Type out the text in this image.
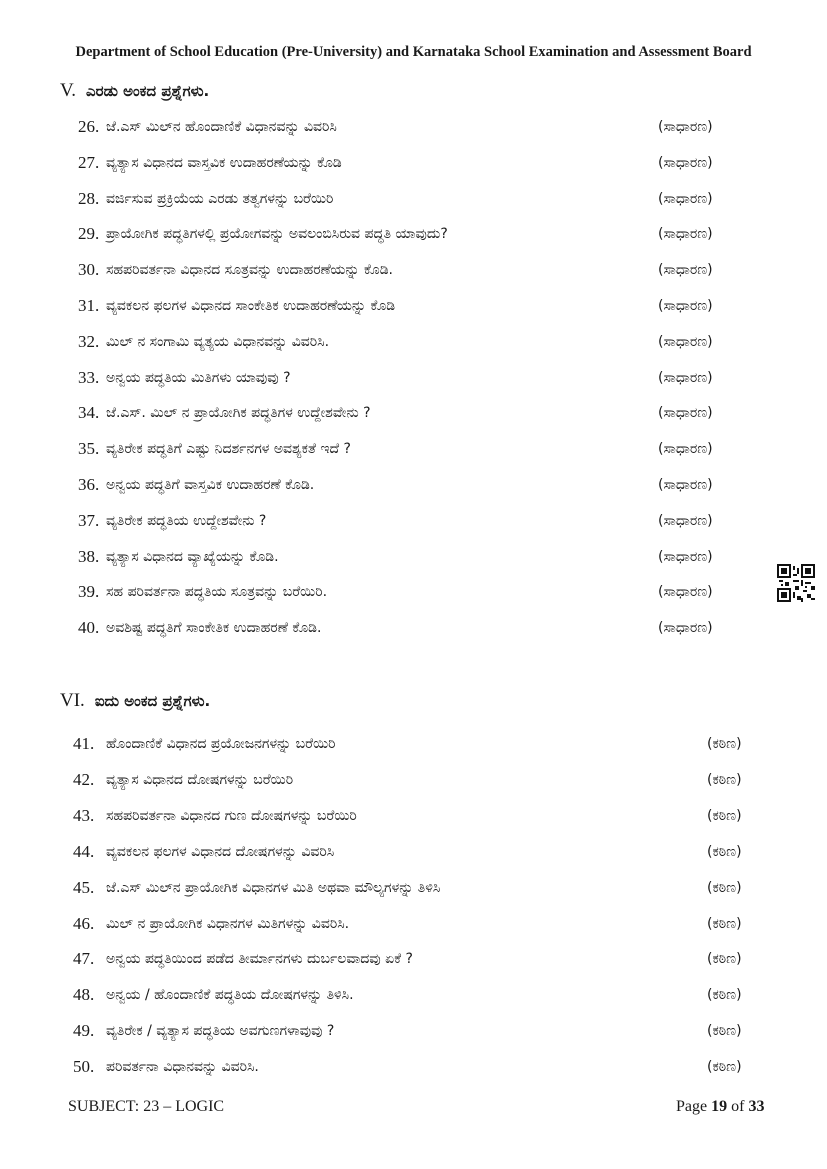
Department of School Education (Pre-University) and Karnataka School Examination and Assessment Board
V. ಎರಡು ಅಂಕದ ಪ್ರಶ್ನೆಗಳು.
26. ಜೆ.ಎಸ್ ಮಿಲ್‌ನ ಹೊಂದಾಣಿಕೆ ವಿಧಾನವನ್ನು ವಿವರಿಸಿ	(ಸಾಧಾರಣ)
27. ವ್ಯತ್ಯಾಸ ವಿಧಾನದ ವಾಸ್ತವಿಕ ಉದಾಹರಣೆಯನ್ನು ಕೊಡಿ	(ಸಾಧಾರಣ)
28. ವರ್ಜಿಸುವ ಪ್ರಕ್ರಿಯೆಯ ಎರಡು ತತ್ವಗಳನ್ನು ಬರೆಯಿರಿ	(ಸಾಧಾರಣ)
29. ಪ್ರಾಯೋಗಿಕ ಪದ್ಧತಿಗಳಲ್ಲಿ ಪ್ರಯೋಗವನ್ನು ಅವಲಂಬಿಸಿರುವ ಪದ್ಧತಿ ಯಾವುದು?	(ಸಾಧಾರಣ)
30. ಸಹಪರಿವರ್ತನಾ ವಿಧಾನದ ಸೂತ್ರವನ್ನು ಉದಾಹರಣೆಯನ್ನು ಕೊಡಿ.	(ಸಾಧಾರಣ)
31. ವ್ಯವಕಲನ ಫಲಗಳ ವಿಧಾನದ ಸಾಂಕೇತಿಕ ಉದಾಹರಣೆಯನ್ನು ಕೊಡಿ	(ಸಾಧಾರಣ)
32. ಮಿಲ್ ನ ಸಂಗಾಮಿ ವ್ಯತ್ಯಯ ವಿಧಾನವನ್ನು ವಿವರಿಸಿ.	(ಸಾಧಾರಣ)
33. ಅನ್ವಯ ಪದ್ಧತಿಯ ಮಿತಿಗಳು ಯಾವುವು ?	(ಸಾಧಾರಣ)
34. ಜೆ.ಎಸ್. ಮಿಲ್ ನ ಪ್ರಾಯೋಗಿಕ ಪದ್ಧತಿಗಳ ಉದ್ದೇಶವೇನು ?	(ಸಾಧಾರಣ)
35. ವ್ಯತಿರೇಕ ಪದ್ಧತಿಗೆ ಎಷ್ಟು ನಿದರ್ಶನಗಳ ಅವಶ್ಯಕತೆ ಇದೆ ?	(ಸಾಧಾರಣ)
36. ಅನ್ವಯ ಪದ್ಧತಿಗೆ ವಾಸ್ತವಿಕ ಉದಾಹರಣೆ ಕೊಡಿ.	(ಸಾಧಾರಣ)
37. ವ್ಯತಿರೇಕ ಪದ್ಧತಿಯ ಉದ್ದೇಶವೇನು ?	(ಸಾಧಾರಣ)
38. ವ್ಯತ್ಯಾಸ ವಿಧಾನದ ವ್ಯಾಖ್ಯೆಯನ್ನು ಕೊಡಿ.	(ಸಾಧಾರಣ)
39. ಸಹ ಪರಿವರ್ತನಾ ಪದ್ಧತಿಯ ಸೂತ್ರವನ್ನು ಬರೆಯಿರಿ.	(ಸಾಧಾರಣ)
40. ಅವಶಿಷ್ಟ ಪದ್ಧತಿಗೆ ಸಾಂಕೇತಿಕ ಉದಾಹರಣೆ ಕೊಡಿ.	(ಸಾಧಾರಣ)
VI. ಐದು ಅಂಕದ ಪ್ರಶ್ನೆಗಳು.
41. ಹೊಂದಾಣಿಕೆ ವಿಧಾನದ ಪ್ರಯೋಜನಗಳನ್ನು ಬರೆಯಿರಿ	(ಕಠಿಣ)
42. ವ್ಯತ್ಯಾಸ ವಿಧಾನದ ದೋಷಗಳನ್ನು ಬರೆಯಿರಿ	(ಕಠಿಣ)
43. ಸಹಪರಿವರ್ತನಾ ವಿಧಾನದ ಗುಣ ದೋಷಗಳನ್ನು ಬರೆಯಿರಿ	(ಕಠಿಣ)
44. ವ್ಯವಕಲನ ಫಲಗಳ ವಿಧಾನದ ದೋಷಗಳನ್ನು ವಿವರಿಸಿ	(ಕಠಿಣ)
45. ಜೆ.ಎಸ್ ಮಿಲ್‌ನ ಪ್ರಾಯೋಗಿಕ ವಿಧಾನಗಳ ಮಿತಿ ಅಥವಾ ಮೌಲ್ಯಗಳನ್ನು ತಿಳಿಸಿ	(ಕಠಿಣ)
46. ಮಿಲ್ ನ ಪ್ರಾಯೋಗಿಕ ವಿಧಾನಗಳ ಮಿತಿಗಳನ್ನು ವಿವರಿಸಿ.	(ಕಠಿಣ)
47. ಅನ್ವಯ ಪದ್ಧತಿಯಿಂದ ಪಡೆದ ತೀರ್ಮಾನಗಳು ದುರ್ಬಲವಾದವು ಏಕೆ ?	(ಕಠಿಣ)
48. ಅನ್ವಯ / ಹೊಂದಾಣಿಕೆ ಪದ್ಧತಿಯ ದೋಷಗಳನ್ನು ತಿಳಿಸಿ.	(ಕಠಿಣ)
49. ವ್ಯತಿರೇಕ / ವ್ಯತ್ಯಾಸ ಪದ್ಧತಿಯ ಅವಗುಣಗಳಾವುವು ?	(ಕಠಿಣ)
50. ಪರಿವರ್ತನಾ ವಿಧಾನವನ್ನು ವಿವರಿಸಿ.	(ಕಠಿಣ)
SUBJECT: 23 – LOGIC	Page 19 of 33
